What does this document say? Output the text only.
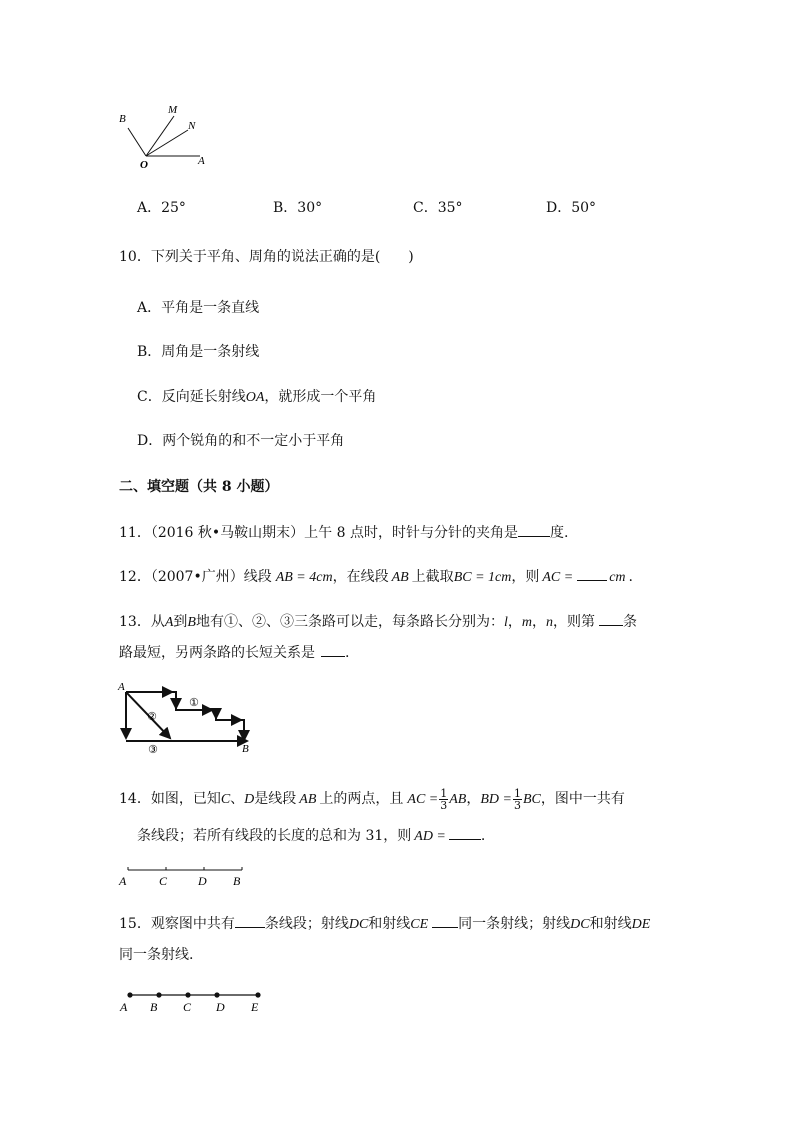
B
M
N
O	A
A．25°	B．30°	C．35°	D．50°
10．下列关于平角、周角的说法正确的是(　　)
A．平角是一条直线
B．周角是一条射线
C．反向延长射线OA，就形成一个平角
D．两个锐角的和不一定小于平角
二、填空题（共 8 小题）
11．（2016 秋•马鞍山期末）上午 8 点时，时针与分针的夹角是 度.
12．（2007•广州）线段 AB = 4cm，在线段 AB 上截取BC = 1cm，则 AC =	cm .
13．从A到B地有①、②、③三条路可以走，每条路长分别为：l，m，n，则第 条
路最短，另两条路的长短关系是 .
A
B
①
②
③
14．如图，已知C、D是线段 AB 上的两点，且 AC = $\frac{1}{3}$ AB，BD = $\frac{1}{3}$ BC，图中一共有
条线段；若所有线段的长度的总和为 31，则 AD =	.
A	C	D B
15．观察图中共有 条线段；射线DC和射线CE 同一条射线；射线DC和射线DE
同一条射线.
A B C D E
